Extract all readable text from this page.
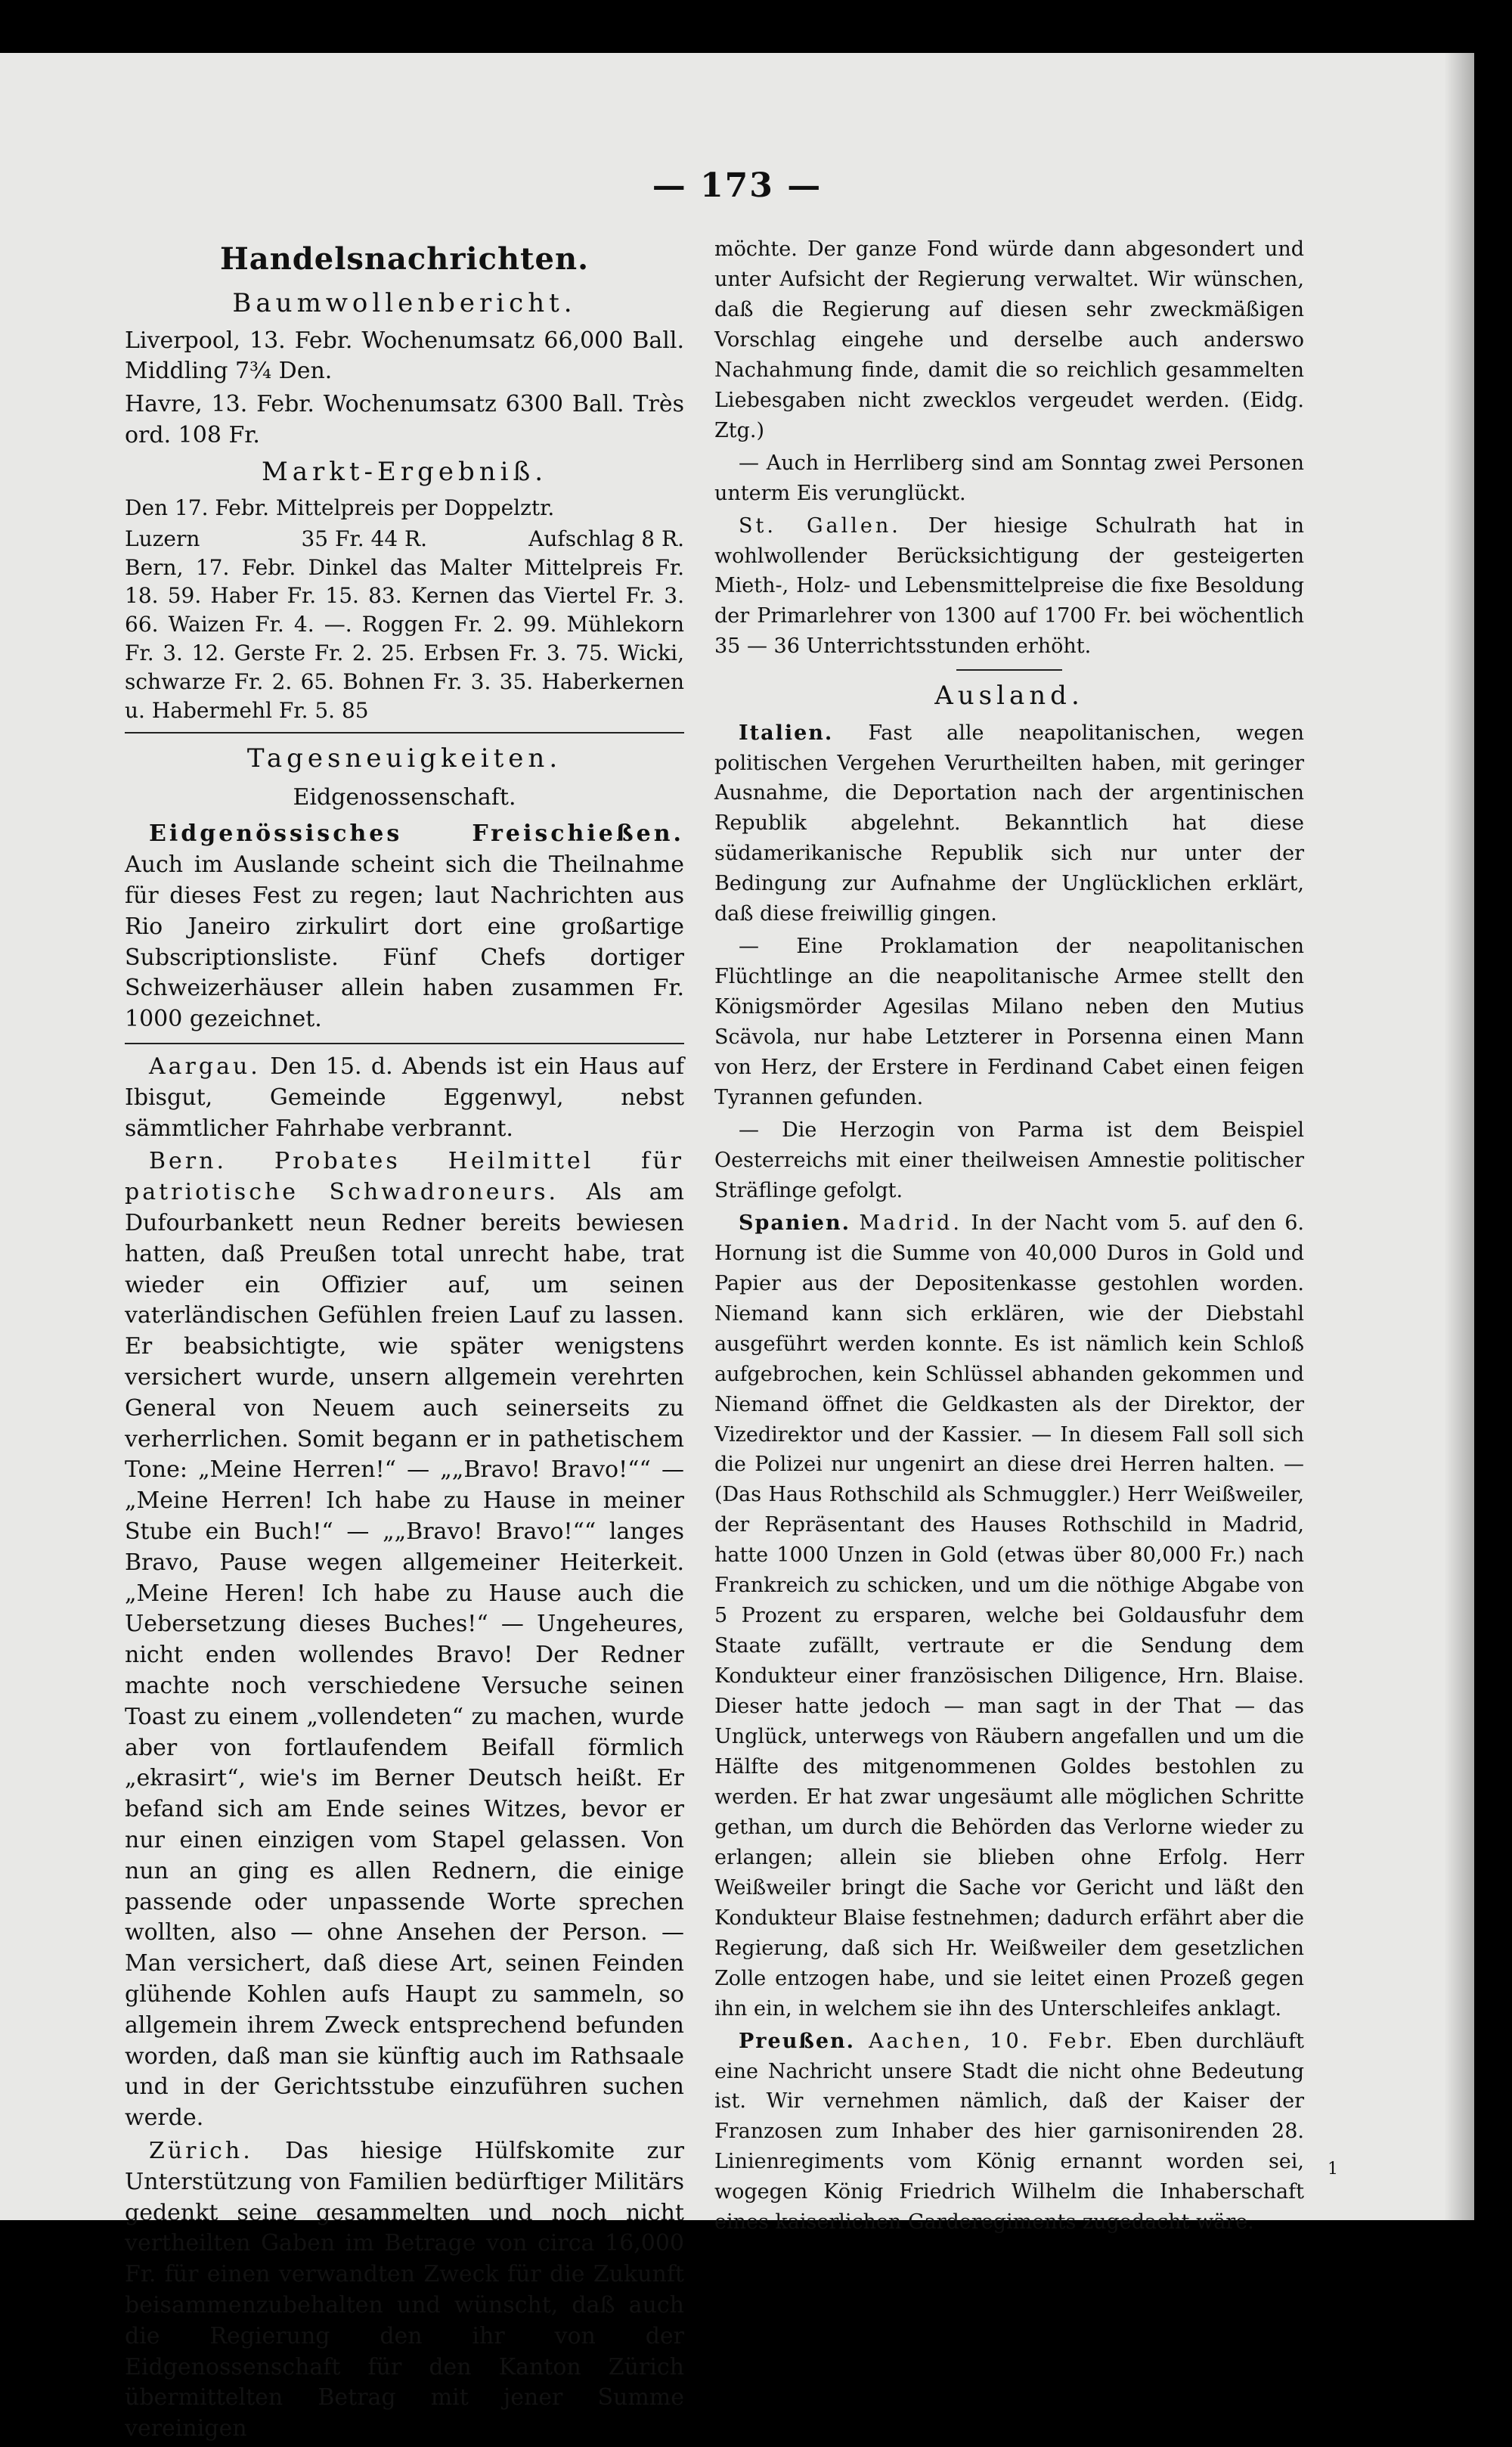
— 173 —
Handelsnachrichten.
Baumwollenbericht.

Liverpool, 13. Febr. Wochenumsatz 66,000 Ball. Middling 7¾ Den.

Havre, 13. Febr. Wochenumsatz 6300 Ball. Très ord. 108 Fr.

Markt-Ergebniß.

Den 17. Febr. Mittelpreis per Doppelztr.

Luzern	35 Fr. 44 R.	Aufschlag 8 R.

Bern, 17. Febr. Dinkel das Malter Mittelpreis Fr. 18. 59. Haber Fr. 15. 83. Kernen das Viertel Fr. 3. 66. Waizen Fr. 4. —. Roggen Fr. 2. 99. Mühlekorn Fr. 3. 12. Gerste Fr. 2. 25. Erbsen Fr. 3. 75. Wicki, schwarze Fr. 2. 65. Bohnen Fr. 3. 35. Haberkernen u. Habermehl Fr. 5. 85

Tagesneuigkeiten.
Eidgenossenschaft.

Eidgenössisches Freischießen. Auch im Auslande scheint sich die Theilnahme für dieses Fest zu regen; laut Nachrichten aus Rio Janeiro zirkulirt dort eine großartige Subscriptionsliste. Fünf Chefs dortiger Schweizerhäuser allein haben zusammen Fr. 1000 gezeichnet.

Aargau. Den 15. d. Abends ist ein Haus auf Ibisgut, Gemeinde Eggenwyl, nebst sämmtlicher Fahrhabe verbrannt.

Bern. Probates Heilmittel für patriotische Schwadroneurs. Als am Dufourbankett neun Redner bereits bewiesen hatten, daß Preußen total unrecht habe, trat wieder ein Offizier auf, um seinen vaterländischen Gefühlen freien Lauf zu lassen. Er beabsichtigte, wie später wenigstens versichert wurde, unsern allgemein verehrten General von Neuem auch seinerseits zu verherrlichen. Somit begann er in pathetischem Tone: „Meine Herren!“ — „„Bravo! Bravo!““ — „Meine Herren! Ich habe zu Hause in meiner Stube ein Buch!“ — „„Bravo! Bravo!““ langes Bravo, Pause wegen allgemeiner Heiterkeit. „Meine Heren! Ich habe zu Hause auch die Uebersetzung dieses Buches!“ — Ungeheures, nicht enden wollendes Bravo! Der Redner machte noch verschiedene Versuche seinen Toast zu einem „vollendeten“ zu machen, wurde aber von fortlaufendem Beifall förmlich „ekrasirt“, wie's im Berner Deutsch heißt. Er befand sich am Ende seines Witzes, bevor er nur einen einzigen vom Stapel gelassen. Von nun an ging es allen Rednern, die einige passende oder unpassende Worte sprechen wollten, also — ohne Ansehen der Person. — Man versichert, daß diese Art, seinen Feinden glühende Kohlen aufs Haupt zu sammeln, so allgemein ihrem Zweck entsprechend befunden worden, daß man sie künftig auch im Rathsaale und in der Gerichtsstube einzuführen suchen werde.

Zürich. Das hiesige Hülfskomite zur Unterstützung von Familien bedürftiger Militärs gedenkt seine gesammelten und noch nicht vertheilten Gaben im Betrage von circa 16,000 Fr. für einen verwandten Zweck für die Zukunft beisammenzubehalten und wünscht, daß auch die Regierung den ihr von der Eidgenossenschaft für den Kanton Zürich übermittelten Betrag mit jener Summe vereinigen

möchte. Der ganze Fond würde dann abgesondert und unter Aufsicht der Regierung verwaltet. Wir wünschen, daß die Regierung auf diesen sehr zweckmäßigen Vorschlag eingehe und derselbe auch anderswo Nachahmung finde, damit die so reichlich gesammelten Liebesgaben nicht zwecklos vergeudet werden. (Eidg. Ztg.)

— Auch in Herrliberg sind am Sonntag zwei Personen unterm Eis verunglückt.

St. Gallen. Der hiesige Schulrath hat in wohlwollender Berücksichtigung der gesteigerten Mieth-, Holz- und Lebensmittelpreise die fixe Besoldung der Primarlehrer von 1300 auf 1700 Fr. bei wöchentlich 35 — 36 Unterrichtsstunden erhöht.

Ausland.

Italien. Fast alle neapolitanischen, wegen politischen Vergehen Verurtheilten haben, mit geringer Ausnahme, die Deportation nach der argentinischen Republik abgelehnt. Bekanntlich hat diese südamerikanische Republik sich nur unter der Bedingung zur Aufnahme der Unglücklichen erklärt, daß diese freiwillig gingen.

— Eine Proklamation der neapolitanischen Flüchtlinge an die neapolitanische Armee stellt den Königsmörder Agesilas Milano neben den Mutius Scävola, nur habe Letzterer in Porsenna einen Mann von Herz, der Erstere in Ferdinand Cabet einen feigen Tyrannen gefunden.

— Die Herzogin von Parma ist dem Beispiel Oesterreichs mit einer theilweisen Amnestie politischer Sträflinge gefolgt.

Spanien. Madrid. In der Nacht vom 5. auf den 6. Hornung ist die Summe von 40,000 Duros in Gold und Papier aus der Depositenkasse gestohlen worden. Niemand kann sich erklären, wie der Diebstahl ausgeführt werden konnte. Es ist nämlich kein Schloß aufgebrochen, kein Schlüssel abhanden gekommen und Niemand öffnet die Geldkasten als der Direktor, der Vizedirektor und der Kassier. — In diesem Fall soll sich die Polizei nur ungenirt an diese drei Herren halten. — (Das Haus Rothschild als Schmuggler.) Herr Weißweiler, der Repräsentant des Hauses Rothschild in Madrid, hatte 1000 Unzen in Gold (etwas über 80,000 Fr.) nach Frankreich zu schicken, und um die nöthige Abgabe von 5 Prozent zu ersparen, welche bei Goldausfuhr dem Staate zufällt, vertraute er die Sendung dem Kondukteur einer französischen Diligence, Hrn. Blaise. Dieser hatte jedoch — man sagt in der That — das Unglück, unterwegs von Räubern angefallen und um die Hälfte des mitgenommenen Goldes bestohlen zu werden. Er hat zwar ungesäumt alle möglichen Schritte gethan, um durch die Behörden das Verlorne wieder zu erlangen; allein sie blieben ohne Erfolg. Herr Weißweiler bringt die Sache vor Gericht und läßt den Kondukteur Blaise festnehmen; dadurch erfährt aber die Regierung, daß sich Hr. Weißweiler dem gesetzlichen Zolle entzogen habe, und sie leitet einen Prozeß gegen ihn ein, in welchem sie ihn des Unterschleifes anklagt.

Preußen. Aachen, 10. Febr. Eben durchläuft eine Nachricht unsere Stadt die nicht ohne Bedeutung ist. Wir vernehmen nämlich, daß der Kaiser der Franzosen zum Inhaber des hier garnisonirenden 28. Linienregiments vom König ernannt worden sei, wogegen König Friedrich Wilhelm die Inhaberschaft eines kaiserlichen Garderegiments zugedacht wäre.

1
